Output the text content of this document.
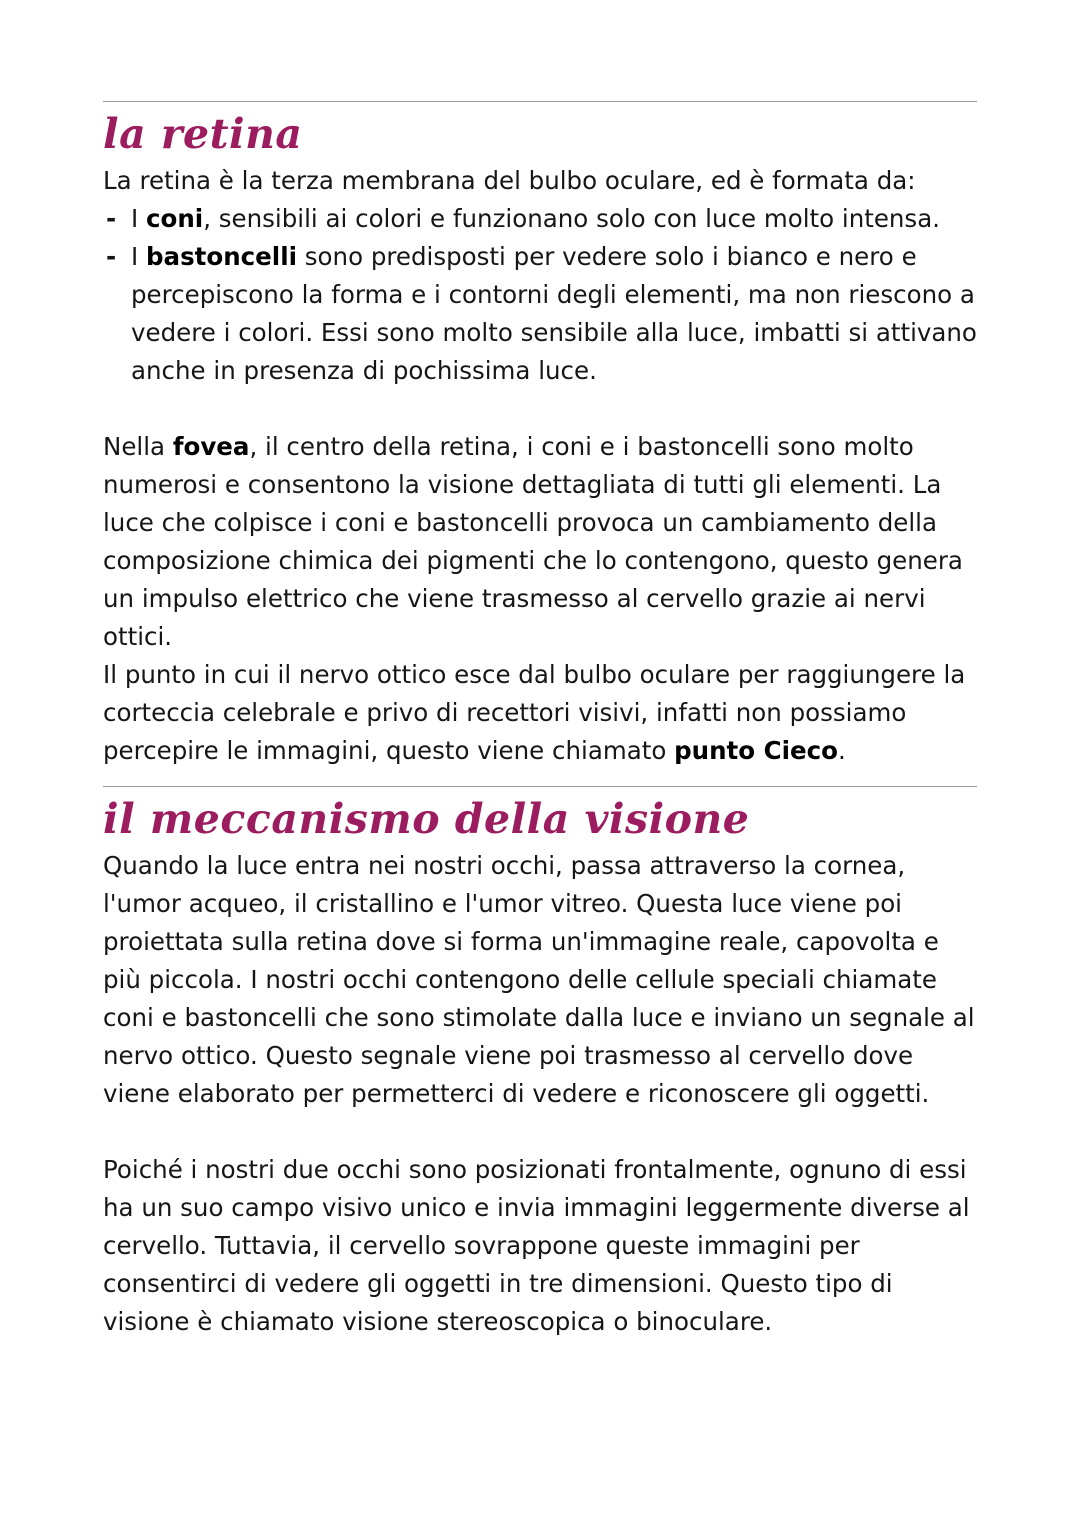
la retina

La retina è la terza membrana del bulbo oculare, ed è formata da:

- I coni, sensibili ai colori e funzionano solo con luce molto intensa.
- I bastoncelli sono predisposti per vedere solo i bianco e nero e percepiscono la forma e i contorni degli elementi, ma non riescono a vedere i colori. Essi sono molto sensibile alla luce, imbatti si attivano anche in presenza di pochissima luce.

Nella fovea, il centro della retina, i coni e i bastoncelli sono molto numerosi e consentono la visione dettagliata di tutti gli elementi. La luce che colpisce i coni e bastoncelli provoca un cambiamento della composizione chimica dei pigmenti che lo contengono, questo genera un impulso elettrico che viene trasmesso al cervello grazie ai nervi ottici.

Il punto in cui il nervo ottico esce dal bulbo oculare per raggiungere la corteccia celebrale e privo di recettori visivi, infatti non possiamo percepire le immagini, questo viene chiamato punto Cieco.

il meccanismo della visione

Quando la luce entra nei nostri occhi, passa attraverso la cornea, l'umor acqueo, il cristallino e l'umor vitreo. Questa luce viene poi proiettata sulla retina dove si forma un'immagine reale, capovolta e più piccola. I nostri occhi contengono delle cellule speciali chiamate coni e bastoncelli che sono stimolate dalla luce e inviano un segnale al nervo ottico. Questo segnale viene poi trasmesso al cervello dove viene elaborato per permetterci di vedere e riconoscere gli oggetti.

Poiché i nostri due occhi sono posizionati frontalmente, ognuno di essi ha un suo campo visivo unico e invia immagini leggermente diverse al cervello. Tuttavia, il cervello sovrappone queste immagini per consentirci di vedere gli oggetti in tre dimensioni. Questo tipo di visione è chiamato visione stereoscopica o binoculare.
